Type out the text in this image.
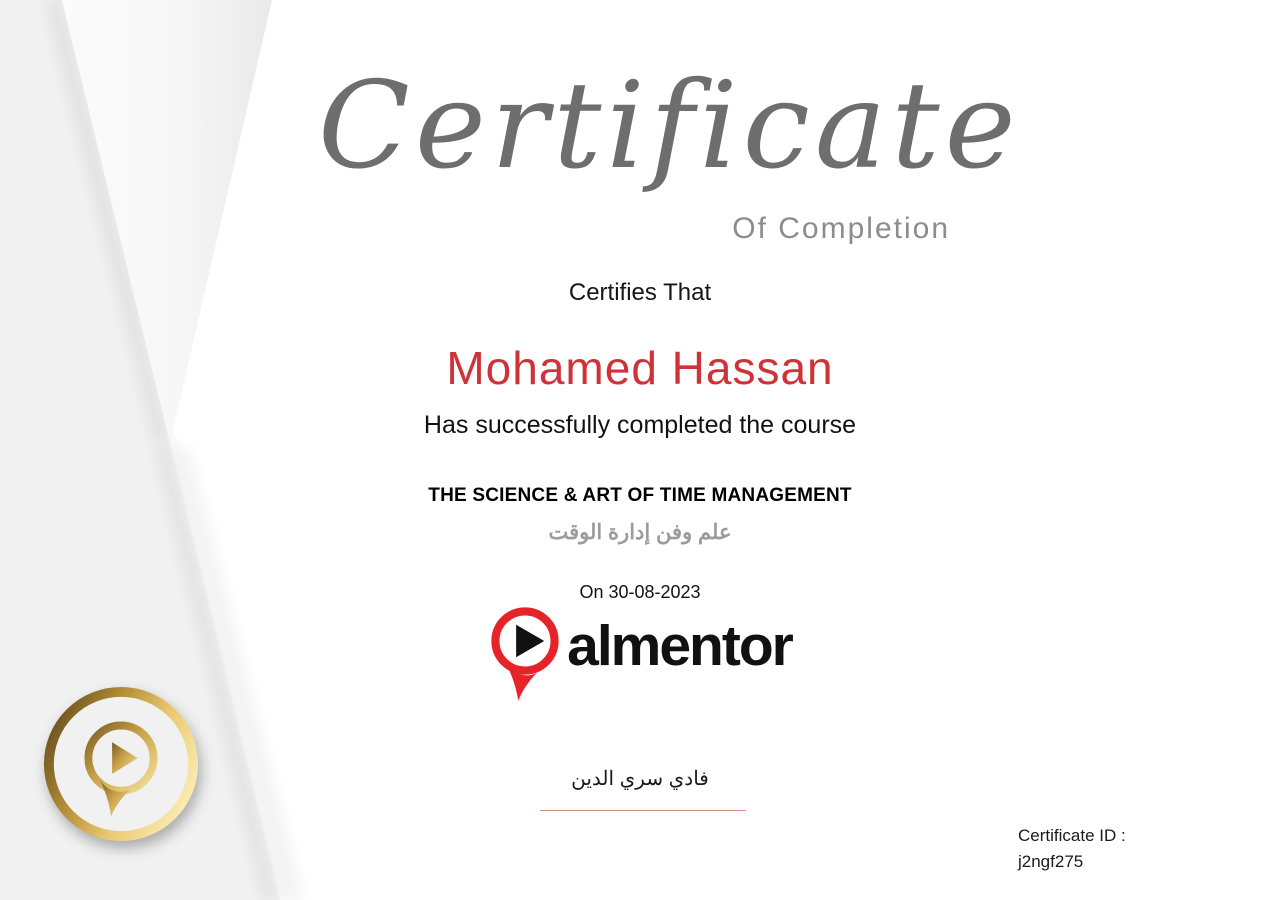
Certificate
Of Completion
Certifies That
Mohamed Hassan
Has successfully completed the course
THE SCIENCE & ART OF TIME MANAGEMENT
علم وفن إدارة الوقت
On 30-08-2023
almentor
فادي سري الدين
Certificate ID :
j2ngf275
